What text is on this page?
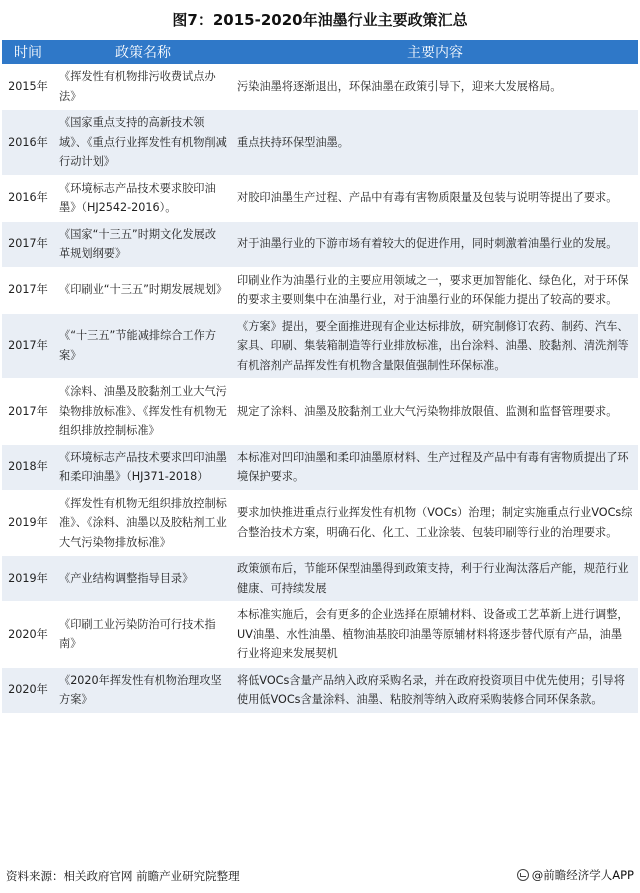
图7：2015-2020年油墨行业主要政策汇总
时间	政策名称	主要内容
2015年	《挥发性有机物排污收费试点办法》	污染油墨将逐渐退出，环保油墨在政策引导下，迎来大发展格局。
2016年	《国家重点支持的高新技术领域》、《重点行业挥发性有机物削减行动计划》	重点扶持环保型油墨。
2016年	《环境标志产品技术要求胶印油墨》（HJ2542-2016）。	对胶印油墨生产过程、产品中有毒有害物质限量及包装与说明等提出了要求。
2017年	《国家“十三五”时期文化发展改革规划纲要》	对于油墨行业的下游市场有着较大的促进作用，同时刺激着油墨行业的发展。
2017年	《印刷业“十三五”时期发展规划》	印刷业作为油墨行业的主要应用领域之一，要求更加智能化、绿色化，对于环保的要求主要则集中在油墨行业，对于油墨行业的环保能力提出了较高的要求。
2017年	《“十三五”节能减排综合工作方案》	《方案》提出，要全面推进现有企业达标排放，研究制修订农药、制药、汽车、家具、印刷、集装箱制造等行业排放标准，出台涂料、油墨、胶黏剂、清洗剂等有机溶剂产品挥发性有机物含量限值强制性环保标准。
2017年	《涂料、油墨及胶黏剂工业大气污染物排放标准》、《挥发性有机物无组织排放控制标准》	规定了涂料、油墨及胶黏剂工业大气污染物排放限值、监测和监督管理要求。
2018年	《环境标志产品技术要求凹印油墨和柔印油墨》（HJ371-2018）	本标准对凹印油墨和柔印油墨原材料、生产过程及产品中有毒有害物质提出了环境保护要求。
2019年	《挥发性有机物无组织排放控制标准》、《涂料、油墨以及胶粘剂工业大气污染物排放标准》	要求加快推进重点行业挥发性有机物（VOCs）治理；制定实施重点行业VOCs综合整治技术方案，明确石化、化工、工业涂装、包装印刷等行业的治理要求。
2019年	《产业结构调整指导目录》	政策颁布后，节能环保型油墨得到政策支持，利于行业淘汰落后产能，规范行业健康、可持续发展
2020年	《印刷工业污染防治可行技术指南》	本标准实施后，会有更多的企业选择在原辅材料、设备或工艺革新上进行调整，UV油墨、水性油墨、植物油基胶印油墨等原辅材料将逐步替代原有产品，油墨行业将迎来发展契机
2020年	《2020年挥发性有机物治理攻坚方案》	将低VOCs含量产品纳入政府采购名录，并在政府投资项目中优先使用；引导将使用低VOCs含量涂料、油墨、粘胶剂等纳入政府采购装修合同环保条款。
资料来源：相关政府官网 前瞻产业研究院整理	@前瞻经济学人APP
